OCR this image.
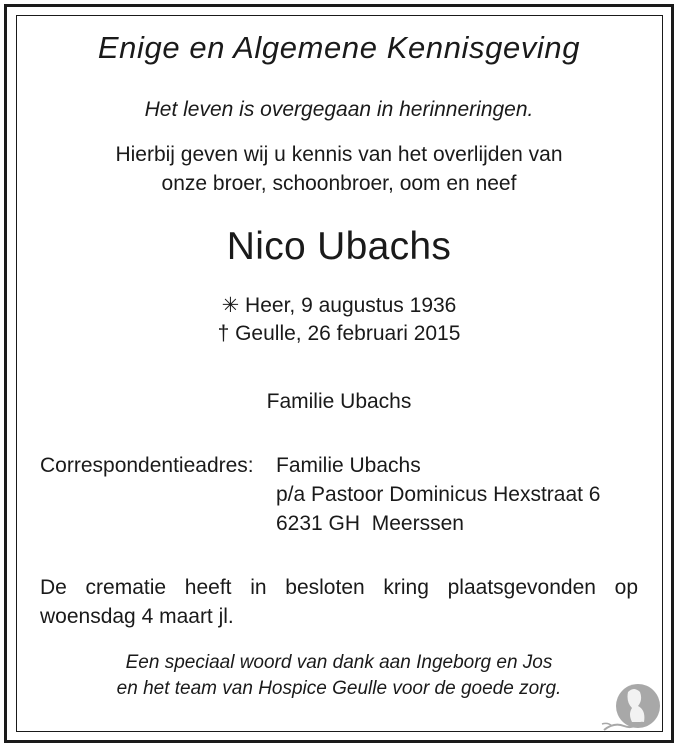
Enige en Algemene Kennisgeving
Het leven is overgegaan in herinneringen.
Hierbij geven wij u kennis van het overlijden van
onze broer, schoonbroer, oom en neef
Nico Ubachs
✳ Heer, 9 augustus 1936
† Geulle, 26 februari 2015
Familie Ubachs
Correspondentieadres: Familie Ubachs
p/a Pastoor Dominicus Hexstraat 6
6231 GH  Meerssen
De crematie heeft in besloten kring plaatsgevonden op woensdag 4 maart jl.
Een speciaal woord van dank aan Ingeborg en Jos
en het team van Hospice Geulle voor de goede zorg.
